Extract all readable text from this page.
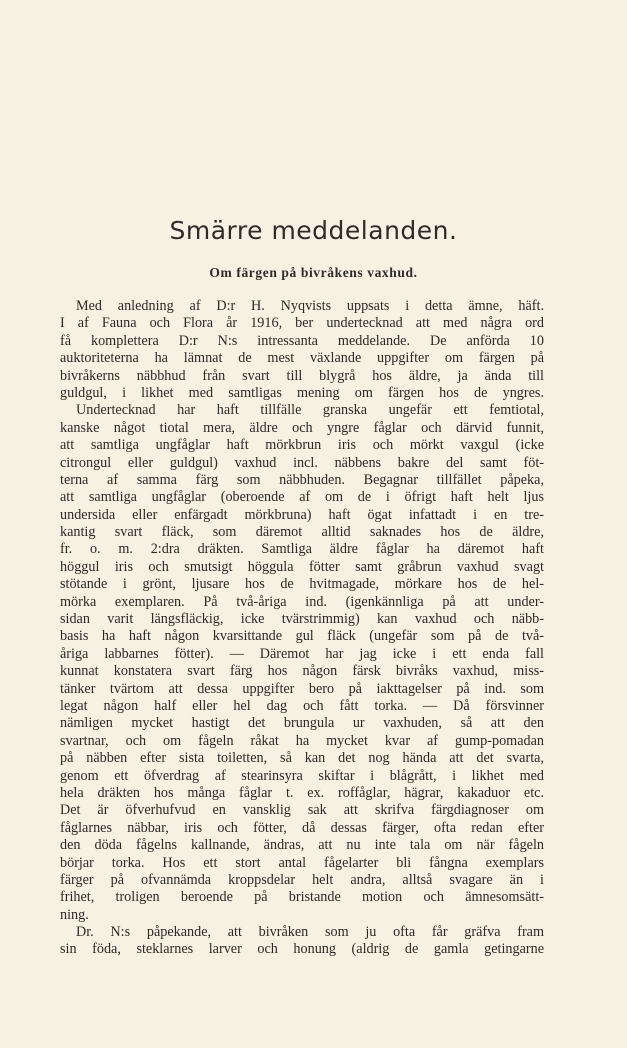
Smärre meddelanden.
Om färgen på bivråkens vaxhud.
Med anledning af D:r H. Nyqvists uppsats i detta ämne, häft.
I af Fauna och Flora år 1916, ber undertecknad att med några ord
få komplettera D:r N:s intressanta meddelande. De anförda 10
auktoriteterna ha lämnat de mest växlande uppgifter om färgen på
bivråkerns näbbhud från svart till blygrå hos äldre, ja ända till
guldgul, i likhet med samtligas mening om färgen hos de yngres.
Undertecknad har haft tillfälle granska ungefär ett femtiotal,
kanske något tiotal mera, äldre och yngre fåglar och därvid funnit,
att samtliga ungfåglar haft mörkbrun iris och mörkt vaxgul (icke
citrongul eller guldgul) vaxhud incl. näbbens bakre del samt föt-
terna af samma färg som näbbhuden. Begagnar tillfället påpeka,
att samtliga ungfåglar (oberoende af om de i öfrigt haft helt ljus
undersida eller enfärgadt mörkbruna) haft ögat infattadt i en tre-
kantig svart fläck, som däremot alltid saknades hos de äldre,
fr. o. m. 2:dra dräkten. Samtliga äldre fåglar ha däremot haft
höggul iris och smutsigt höggula fötter samt gråbrun vaxhud svagt
stötande i grönt, ljusare hos de hvitmagade, mörkare hos de hel-
mörka exemplaren. På två-åriga ind. (igenkännliga på att under-
sidan varit längsfläckig, icke tvärstrimmig) kan vaxhud och näbb-
basis ha haft någon kvarsittande gul fläck (ungefär som på de två-
åriga labbarnes fötter). — Däremot har jag icke i ett enda fall
kunnat konstatera svart färg hos någon färsk bivråks vaxhud, miss-
tänker tvärtom att dessa uppgifter bero på iakttagelser på ind. som
legat någon half eller hel dag och fått torka. — Då försvinner
nämligen mycket hastigt det brungula ur vaxhuden, så att den
svartnar, och om fågeln råkat ha mycket kvar af gump-pomadan
på näbben efter sista toiletten, så kan det nog hända att det svarta,
genom ett öfverdrag af stearinsyra skiftar i blågrått, i likhet med
hela dräkten hos många fåglar t. ex. roffåglar, hägrar, kakaduor etc.
Det är öfverhufvud en vansklig sak att skrifva färgdiagnoser om
fåglarnes näbbar, iris och fötter, då dessas färger, ofta redan efter
den döda fågelns kallnande, ändras, att nu inte tala om när fågeln
börjar torka. Hos ett stort antal fågelarter bli fångna exemplars
färger på ofvannämda kroppsdelar helt andra, alltså svagare än i
frihet, troligen beroende på bristande motion och ämnesomsätt-
ning.
Dr. N:s påpekande, att bivråken som ju ofta får gräfva fram
sin föda, steklarnes larver och honung (aldrig de gamla getingarne
